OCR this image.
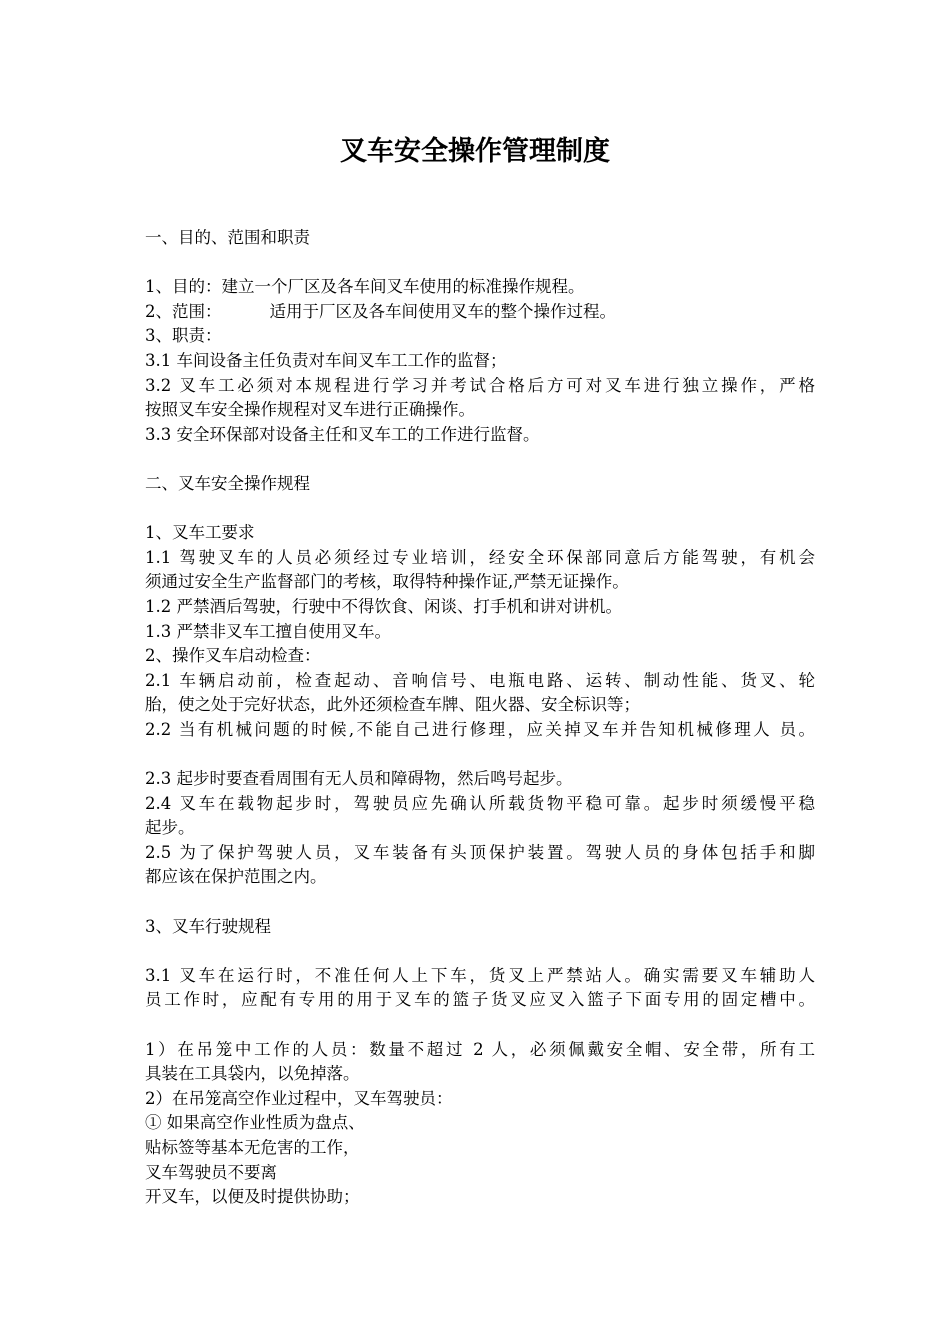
叉车安全操作管理制度
一、目的、范围和职责
1、目的：建立一个厂区及各车间叉车使用的标准操作规程。
2、范围：	适用于厂区及各车间使用叉车的整个操作过程。
3、职责：
3.1 车间设备主任负责对车间叉车工工作的监督；
3.2 叉车工必须对本规程进行学习并考试合格后方可对叉车进行独立操作，严格
按照叉车安全操作规程对叉车进行正确操作。
3.3 安全环保部对设备主任和叉车工的工作进行监督。
二、叉车安全操作规程
1、叉车工要求
1.1 驾驶叉车的人员必须经过专业培训，经安全环保部同意后方能驾驶，有机会
须通过安全生产监督部门的考核，取得特种操作证,严禁无证操作。
1.2 严禁酒后驾驶，行驶中不得饮食、闲谈、打手机和讲对讲机。
1.3 严禁非叉车工擅自使用叉车。
2、操作叉车启动检查：
2.1 车辆启动前，检查起动、音响信号、电瓶电路、运转、制动性能、货叉、轮
胎，使之处于完好状态，此外还须检查车牌、阻火器、安全标识等；
2.2 当有机械问题的时候,不能自己进行修理，应关掉叉车并告知机械修理人 员。
2.3 起步时要查看周围有无人员和障碍物，然后鸣号起步。
2.4 叉车在载物起步时，驾驶员应先确认所载货物平稳可靠。起步时须缓慢平稳
起步。
2.5 为了保护驾驶人员，叉车装备有头顶保护装置。驾驶人员的身体包括手和脚
都应该在保护范围之内。
3、叉车行驶规程
3.1 叉车在运行时，不准任何人上下车，货叉上严禁站人。确实需要叉车辅助人
员工作时，应配有专用的用于叉车的篮子货叉应叉入篮子下面专用的固定槽中。
1）在吊笼中工作的人员：数量不超过 2 人，必须佩戴安全帽、安全带，所有工
具装在工具袋内，以免掉落。
2）在吊笼高空作业过程中，叉车驾驶员：
① 如果高空作业性质为盘点、
贴标签等基本无危害的工作，
叉车驾驶员不要离
开叉车，以便及时提供协助；
